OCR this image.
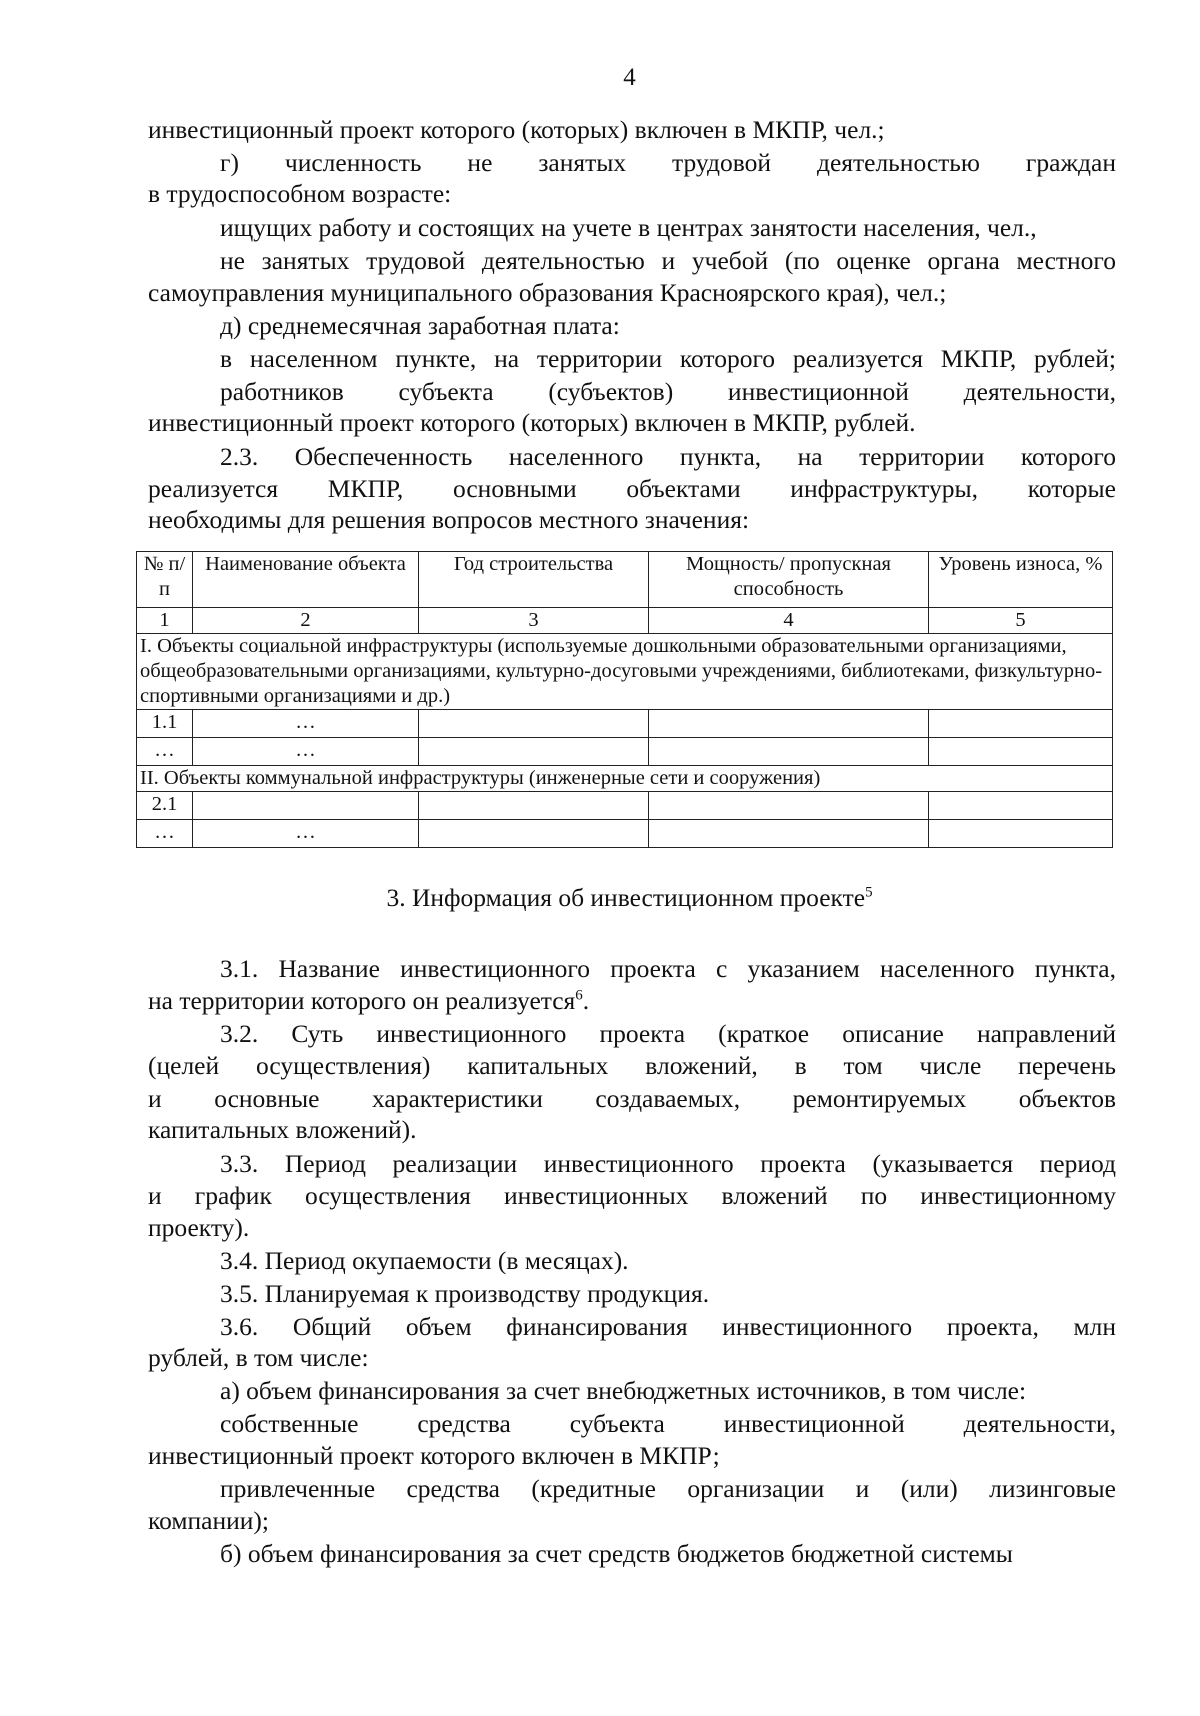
4
инвестиционный проект которого (которых) включен в МКПР, чел.;
г) численность не занятых трудовой деятельностью граждан
в трудоспособном возрасте:
ищущих работу и состоящих на учете в центрах занятости населения, чел.,
не занятых трудовой деятельностью и учебой (по оценке органа местного
самоуправления муниципального образования Красноярского края), чел.;
д) среднемесячная заработная плата:
в населенном пункте, на территории которого реализуется МКПР, рублей;
работников субъекта (субъектов) инвестиционной деятельности,
инвестиционный проект которого (которых) включен в МКПР, рублей.
2.3. Обеспеченность населенного пункта, на территории которого
реализуется МКПР, основными объектами инфраструктуры, которые
необходимы для решения вопросов местного значения:
№ п/п	Наименование объекта	Год строительства	Мощность/ пропускная способность	Уровень износа, %
1	2	3	4	5
I. Объекты социальной инфраструктуры (используемые дошкольными образовательными организациями, общеобразовательными организациями, культурно-досуговыми учреждениями, библиотеками, физкультурно-спортивными организациями и др.)				
1.1	…			
…	…			
II. Объекты коммунальной инфраструктуры (инженерные сети и сооружения)				
2.1				
…	…			
3. Информация об инвестиционном проекте$^5$
3.1. Название инвестиционного проекта с указанием населенного пункта,
на территории которого он реализуется$^6$.
3.2. Суть инвестиционного проекта (краткое описание направлений
(целей осуществления) капитальных вложений, в том числе перечень
и основные характеристики создаваемых, ремонтируемых объектов
капитальных вложений).
3.3. Период реализации инвестиционного проекта (указывается период
и график осуществления инвестиционных вложений по инвестиционному
проекту).
3.4. Период окупаемости (в месяцах).
3.5. Планируемая к производству продукция.
3.6. Общий объем финансирования инвестиционного проекта, млн
рублей, в том числе:
а) объем финансирования за счет внебюджетных источников, в том числе:
собственные средства субъекта инвестиционной деятельности,
инвестиционный проект которого включен в МКПР;
привлеченные средства (кредитные организации и (или) лизинговые
компании);
б) объем финансирования за счет средств бюджетов бюджетной системы
